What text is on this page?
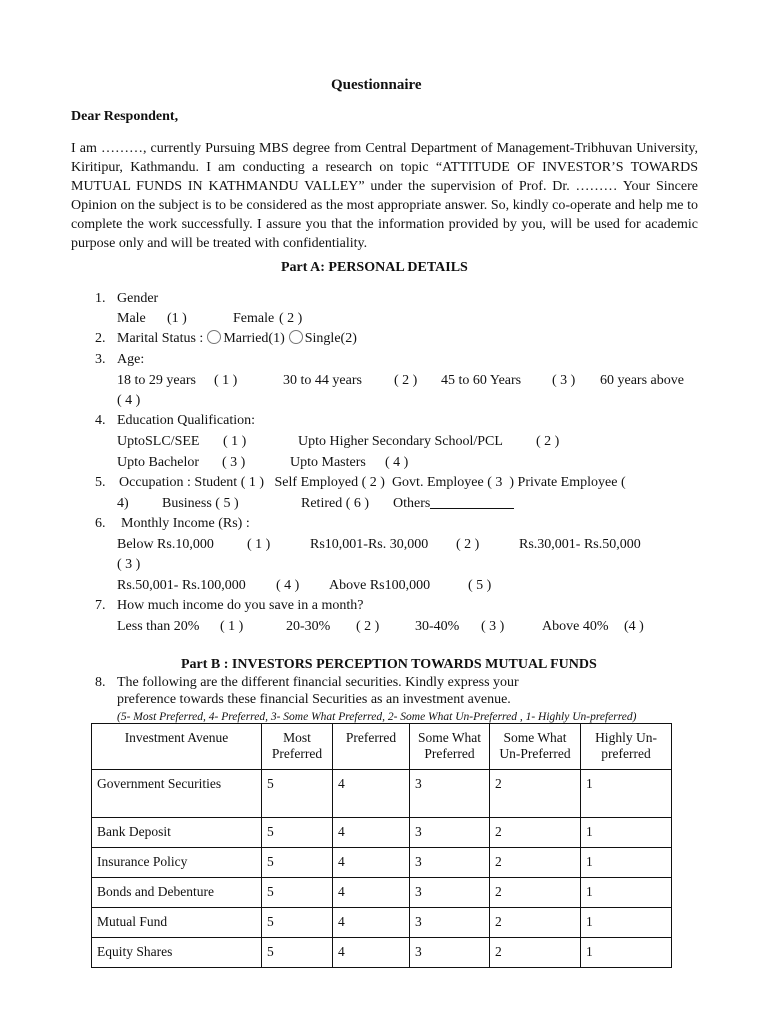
Questionnaire
Dear Respondent,
I am ………, currently Pursuing MBS degree from Central Department of Management-Tribhuvan University, Kiritipur, Kathmandu. I am conducting a research on topic “ATTITUDE OF INVESTOR’S TOWARDS MUTUAL FUNDS IN KATHMANDU VALLEY” under the supervision of Prof. Dr. ……… Your Sincere Opinion on the subject is to be considered as the most appropriate answer. So, kindly co-operate and help me to complete the work successfully. I assure you that the information provided by you, will be used for academic purpose only and will be treated with confidentiality.
Part A: PERSONAL DETAILS
1. Gender
Male (1 )	Female ( 2 )
2. Marital Status : Married(1) Single(2)
3. Age:
18 to 29 years ( 1 )	30 to 44 years ( 2 ) 45 to 60 Years ( 3 ) 60 years above
( 4 )
4. Education Qualification:
UptoSLC/SEE ( 1 )	Upto Higher Secondary School/PCL ( 2 )
Upto Bachelor ( 3 )	Upto Masters ( 4 )
5. Occupation : Student ( 1 )   Self Employed ( 2 )  Govt. Employee ( 3  ) Private Employee (
4) Business ( 5 )	Retired ( 6 ) Others
6. Monthly Income (Rs) :
Below Rs.10,000 ( 1 )	Rs10,001-Rs. 30,000 ( 2 )	Rs.30,001- Rs.50,000
( 3 )
Rs.50,001- Rs.100,000 ( 4 ) Above Rs100,000	( 5 )
7. How much income do you save in a month?
Less than 20% ( 1 )	20-30% ( 2 )	30-40% ( 3 )	Above 40% (4 )
Part B : INVESTORS PERCEPTION TOWARDS MUTUAL FUNDS
8. The following are the different financial securities. Kindly express your
preference towards these financial Securities as an investment avenue.
(5- Most Preferred, 4- Preferred, 3- Some What Preferred, 2- Some What Un-Preferred , 1- Highly Un-preferred)
Investment Avenue	Most Preferred	Preferred	Some What Preferred	Some What Un-Preferred	Highly Un-preferred
Government Securities	5	4	3	2	1
Bank Deposit	5	4	3	2	1
Insurance Policy	5	4	3	2	1
Bonds and Debenture	5	4	3	2	1
Mutual Fund	5	4	3	2	1
Equity Shares	5	4	3	2	1
